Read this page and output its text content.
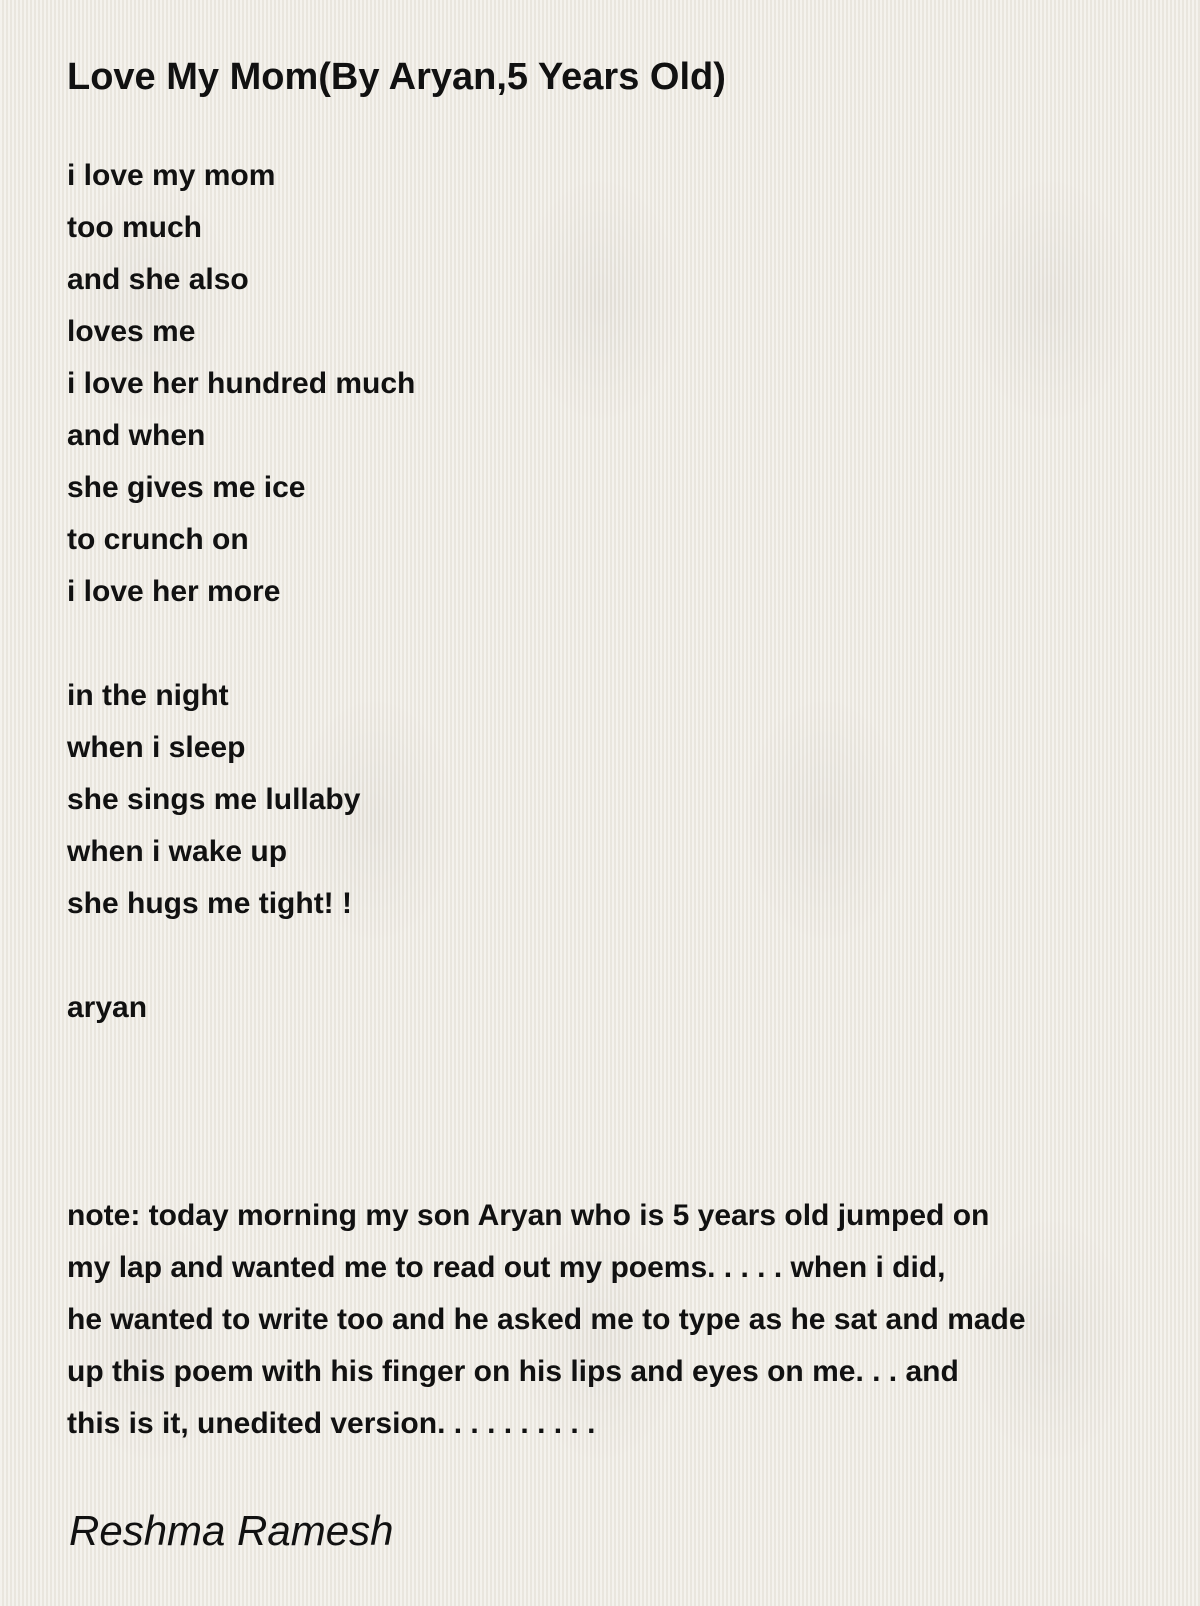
Love My Mom(By Aryan,5 Years Old)
i love my mom
too much
and she also
loves me
i love her hundred much
and when
she gives me ice
to crunch on
i love her more
in the night
when i sleep
she sings me lullaby
when i wake up
she hugs me tight! !
aryan
note: today morning my son Aryan who is 5 years old jumped on
my lap and wanted me to read out my poems. . . . . when i did,
he wanted to write too and he asked me to type as he sat and made
up this poem with his finger on his lips and eyes on me. . . and
this is it, unedited version. . . . . . . . . .
Reshma Ramesh
